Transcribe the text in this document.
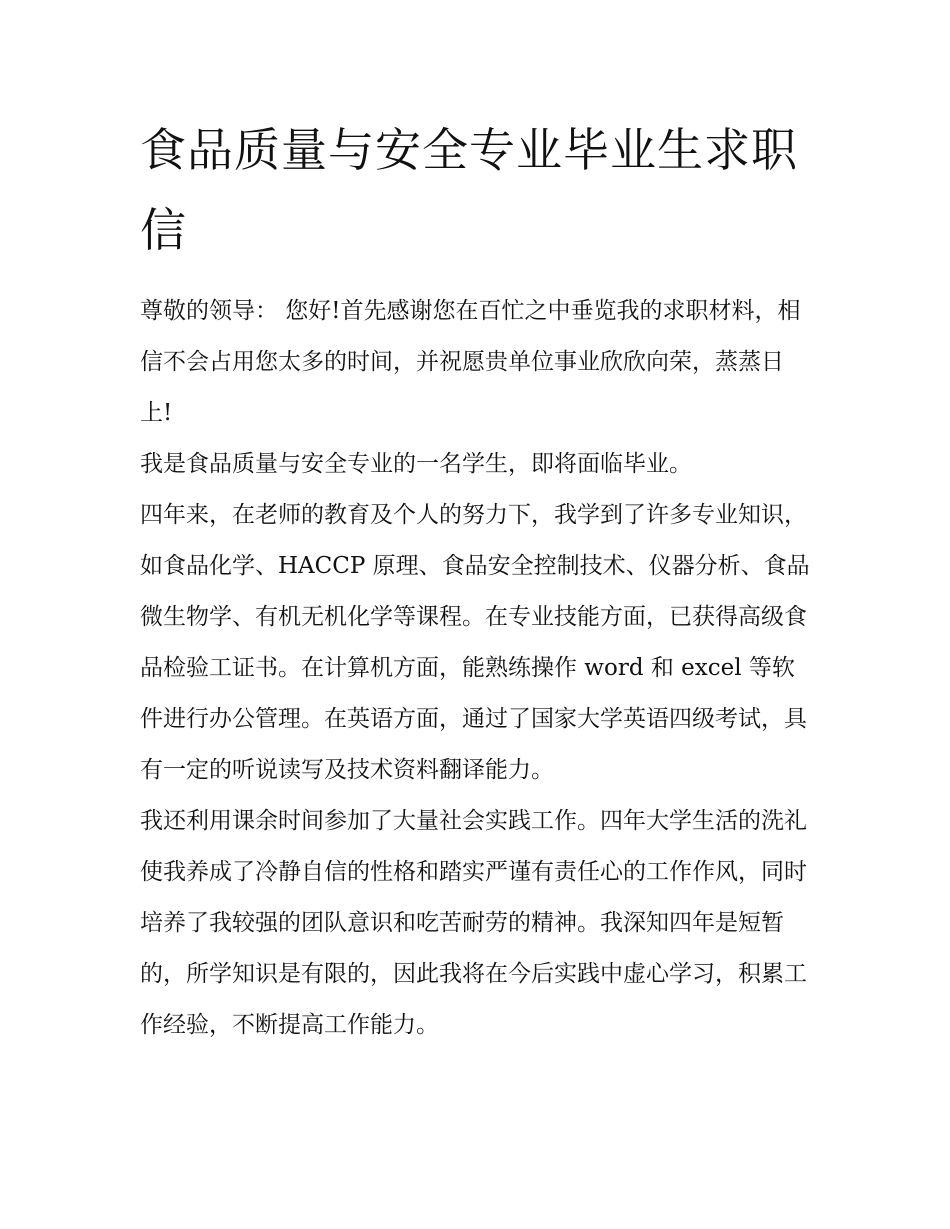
食品质量与安全专业毕业生求职信

尊敬的领导： 您好!首先感谢您在百忙之中垂览我的求职材料，相信不会占用您太多的时间，并祝愿贵单位事业欣欣向荣，蒸蒸日上!

我是食品质量与安全专业的一名学生，即将面临毕业。

四年来，在老师的教育及个人的努力下，我学到了许多专业知识，如食品化学、HACCP 原理、食品安全控制技术、仪器分析、食品微生物学、有机无机化学等课程。在专业技能方面，已获得高级食品检验工证书。在计算机方面，能熟练操作 word 和 excel 等软件进行办公管理。在英语方面，通过了国家大学英语四级考试，具有一定的听说读写及技术资料翻译能力。

我还利用课余时间参加了大量社会实践工作。四年大学生活的洗礼使我养成了冷静自信的性格和踏实严谨有责任心的工作作风，同时培养了我较强的团队意识和吃苦耐劳的精神。我深知四年是短暂的，所学知识是有限的，因此我将在今后实践中虚心学习，积累工作经验，不断提高工作能力。
